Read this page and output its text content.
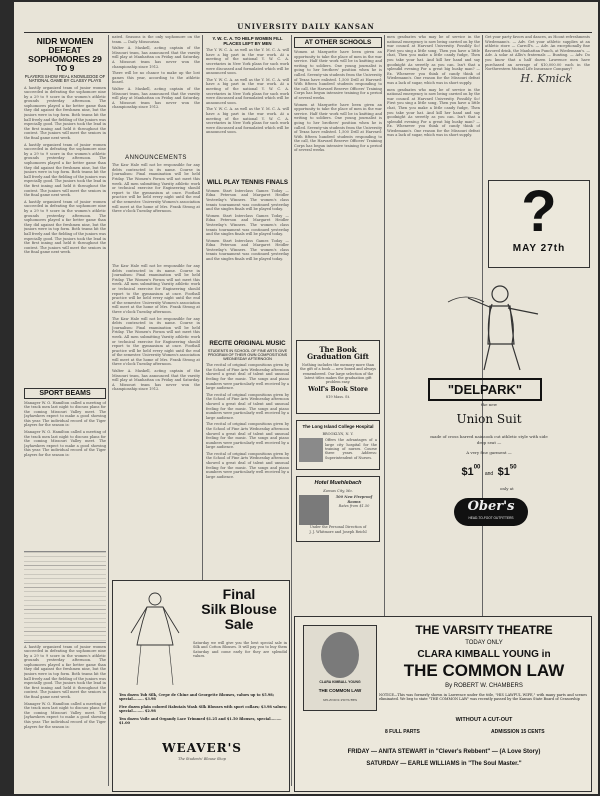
UNIVERSITY DAILY KANSAN
NIDR WOMEN DEFEAT SOPHOMORES 29 TO 9
PLAYERS SHOW REAL KNOWLEDGE OF NATIONAL GAME BY CLASSY PLAYS

A hastily organized team of junior women succeeded in defeating the sophomore nine by a 29 to 9 score in the women's athletic grounds yesterday afternoon. The sophomores played a far better game than they did against the freshmen nine, but the juniors were in top form. Both teams hit the ball freely and the fielding of the juniors was especially good. The juniors took the lead in the first inning and held it throughout the contest. The juniors will meet the seniors in the final game next week.

A hastily organized team of junior women succeeded in defeating the sophomore nine by a 29 to 9 score in the women's athletic grounds yesterday afternoon. The sophomores played a far better game than they did against the freshmen nine, but the juniors were in top form. Both teams hit the ball freely and the fielding of the juniors was especially good. The juniors took the lead in the first inning and held it throughout the contest. The juniors will meet the seniors in the final game next week.

A hastily organized team of junior women succeeded in defeating the sophomore nine by a 29 to 9 score in the women's athletic grounds yesterday afternoon. The sophomores played a far better game than they did against the freshmen nine, but the juniors were in top form. Both teams hit the ball freely and the fielding of the juniors was especially good. The juniors took the lead in the first inning and held it throughout the contest. The juniors will meet the seniors in the final game next week.

SPORT BEAMS

Manager W. O. Hamilton called a meeting of the track men last night to discuss plans for the coming Missouri Valley meet. The Jayhawkers expect to make a good showing this year. The individual record of the Tiger players for the season is:

Manager W. O. Hamilton called a meeting of the track men last night to discuss plans for the coming Missouri Valley meet. The Jayhawkers expect to make a good showing this year. The individual record of the Tiger players for the season is:

A hastily organized team of junior women succeeded in defeating the sophomore nine by a 29 to 9 score in the women's athletic grounds yesterday afternoon. The sophomores played a far better game than they did against the freshmen nine, but the juniors were in top form. Both teams hit the ball freely and the fielding of the juniors was especially good. The juniors took the lead in the first inning and held it throughout the contest. The juniors will meet the seniors in the final game next week.

Manager W. O. Hamilton called a meeting of the track men last night to discuss plans for the coming Missouri Valley meet. The Jayhawkers expect to make a good showing this year. The individual record of the Tiger players for the season is:

nated. Seasons is the only sophomore on the team. — Daily Missourian.

Walter A. Maskell, acting captain of the Missouri team, has announced that the varsity will play at Manhattan on Friday and Saturday. A Missouri team has never won the championship since 1912.

There will be no chance to make up the lost games this year, according to the athletic board.

Walter A. Maskell, acting captain of the Missouri team, has announced that the varsity will play at Manhattan on Friday and Saturday. A Missouri team has never won the championship since 1912.

ANNOUNCEMENTS

The Kaw Hale will not be responsible for any debts contracted in its name. Course in Journalism: Final examination will be held Friday. The Women's Forum will not meet this week. All men submitting Varsity athletic work or technical exercise for Engineering should report to the gymnasium at once. Football practice will be held every night until the end of the semester. University Women's association will meet at the home of Mrs. Frank Strong at three o'clock Tuesday afternoon.

The Kaw Hale will not be responsible for any debts contracted in its name. Course in Journalism: Final examination will be held Friday. The Women's Forum will not meet this week. All men submitting Varsity athletic work or technical exercise for Engineering should report to the gymnasium at once. Football practice will be held every night until the end of the semester. University Women's association will meet at the home of Mrs. Frank Strong at three o'clock Tuesday afternoon.

The Kaw Hale will not be responsible for any debts contracted in its name. Course in Journalism: Final examination will be held Friday. The Women's Forum will not meet this week. All men submitting Varsity athletic work or technical exercise for Engineering should report to the gymnasium at once. Football practice will be held every night until the end of the semester. University Women's association will meet at the home of Mrs. Frank Strong at three o'clock Tuesday afternoon.

Walter A. Maskell, acting captain of the Missouri team, has announced that the varsity will play at Manhattan on Friday and Saturday. A Missouri team has never won the championship since 1912.

Y. W. C. A. TO HELP WOMEN FILL PLACES LEFT BY MEN

The Y. W. C. A. as well as the Y. M. C. A. will have a big part in the war work. At a meeting of the national Y. W. C. A. secretaries in New York plans for such work were discussed and formulated which will be announced soon.

The Y. W. C. A. as well as the Y. M. C. A. will have a big part in the war work. At a meeting of the national Y. W. C. A. secretaries in New York plans for such work were discussed and formulated which will be announced soon.

The Y. W. C. A. as well as the Y. M. C. A. will have a big part in the war work. At a meeting of the national Y. W. C. A. secretaries in New York plans for such work were discussed and formulated which will be announced soon.

WILL PLAY TENNIS FINALS

Women Start Interclass Games Today — Edna Peterson and Margaret Heidler Yesterday's Winners. The women's class tennis tournament was continued yesterday and the singles finals will be played today.

Women Start Interclass Games Today — Edna Peterson and Margaret Heidler Yesterday's Winners. The women's class tennis tournament was continued yesterday and the singles finals will be played today.

Women Start Interclass Games Today — Edna Peterson and Margaret Heidler Yesterday's Winners. The women's class tennis tournament was continued yesterday and the singles finals will be played today.

RECITE ORIGINAL MUSIC
STUDENTS IN SCHOOL OF FINE ARTS GIVE PROGRAM OF THEIR OWN COMPOSITIONS WEDNESDAY AFTERNOON

The recital of original compositions given by the School of Fine Arts Wednesday afternoon showed a great deal of talent and unusual feeling for the music. The songs and piano numbers were particularly well received by a large audience.

The recital of original compositions given by the School of Fine Arts Wednesday afternoon showed a great deal of talent and unusual feeling for the music. The songs and piano numbers were particularly well received by a large audience.

The recital of original compositions given by the School of Fine Arts Wednesday afternoon showed a great deal of talent and unusual feeling for the music. The songs and piano numbers were particularly well received by a large audience.

The recital of original compositions given by the School of Fine Arts Wednesday afternoon showed a great deal of talent and unusual feeling for the music. The songs and piano numbers were particularly well received by a large audience.

AT OTHER SCHOOLS

Women at Marquette have been given an opportunity to take the place of men in the war service. Half their work will be in knitting and writing to soldiers. One young journalist is going to her brothers' position when he is called. Seventy-six students from the University of Texas have enlisted. 1,500 Drill at Harvard: With fifteen hundred students responding to the call, the Harvard Reserve Officers' Training Corps has begun intensive training for a period of several weeks.

Women at Marquette have been given an opportunity to take the place of men in the war service. Half their work will be in knitting and writing to soldiers. One young journalist is going to her brothers' position when he is called. Seventy-six students from the University of Texas have enlisted. 1,500 Drill at Harvard: With fifteen hundred students responding to the call, the Harvard Reserve Officers' Training Corps has begun intensive training for a period of several weeks.

The Book Graduation Gift
Nothing includes the memory more than the gift of a book — new boxed and always remembered. Our large selection of the latest titles makes the graduation gift problem easy.
Wolf's Book Store
819 Mass. St.
The Long Island College Hospital
BROOKLYN, N. Y.
Offers the advantages of a large city hospital for the training of nurses. Course three years. Address: Superintendent of Nurses.
Hotel Muehlebach
Kansas City, Mo.
500 New Fireproof Rooms
Rates from $1.50
Under the Personal Direction of
J. J. Whitmore and Joseph Reichl

men graduates who may be of service in the national emergency is now being carried on by the war council at Harvard University. Possibly So! First you sing a little song, Then you have a little chat, Then you make a little candy fudge, Then you take your hat. And kill her hand and say goodnight As sweetly as you can. Isn't that a splendid evening For a great big husky man? — Ex. Whenever you think of candy think of Wiedemann's. One reason for the Missouri defeat was a lack of sugar, which was in short supply.

men graduates who may be of service in the national emergency is now being carried on by the war council at Harvard University. Possibly So! First you sing a little song, Then you have a little chat, Then you make a little candy fudge, Then you take your hat. And kill her hand and say goodnight As sweetly as you can. Isn't that a splendid evening For a great big husky man? — Ex. Whenever you think of candy think of Wiedemann's. One reason for the Missouri defeat was a lack of sugar, which was in short supply.

Get your party favors and dances, as Hoont refreshments Wiedemann's. — Adv. Get your athletic supplies at an athletic store — Carroll's. — Adv. An exceptionally fine flavored drink, the Manhattan Punch, at Wiedemann's. — Adv. A solar at Allis's fraternals — Bunting. — Adv. Do you know that a half dozen Lawrence men have purchased an average of $10,000.00 each in the Northwestern Mutual Life Insurance Company?

H. Kmick
?
MAY 27th
"DELPARK"
the new
Union Suit
made of cross barred nainsook cut athletic style with side drop seat —
A very fine garment —
$\$1^{00}$ and $\$1^{50}$
only at
Ober's
HEAD-TO-FOOT OUTFITTERS
Final
Silk Blouse
Sale
Saturday we will give you the best special sale in Silk and Cotton Blouses. It will pay you to buy them Saturday and come early for they are splendid values.
Ten dozen Tub Silk, Crepe de Chine and Georgette Blouses, values up to $5.98; special......... $3.98
Five dozen plain colored Habutais Wash Silk Blouses with sport collars; $3.98 values; special......... $2.98
Ten dozen Voile and Organdy Lace Trimmed $1.25 and $1.50 Blouses, special......... $1.00
WEAVER'S
The Students' Blouse Shop
CLARA KIMBALL YOUNG
THE COMMON LAW
SELZNICK PICTURES
THE VARSITY THEATRE
TODAY ONLY
CLARA KIMBALL YOUNG in
THE COMMON LAW
By ROBERT W. CHAMBERS
NOTICE—This was formerly shown in Lawrence under the title, "HIS LAWFUL WIFE," with many parts and scenes eliminated. We beg to state "THE COMMON LAW" was recently passed by the Kansas State Board of Censorship
WITHOUT A CUT-OUT
8 FULL PARTS	ADMISSION 15 CENTS
FRIDAY — ANITA STEWART in "Clever's Rebbent" — (A Love Story)
SATURDAY — EARLE WILLIAMS in "The Soul Master."
